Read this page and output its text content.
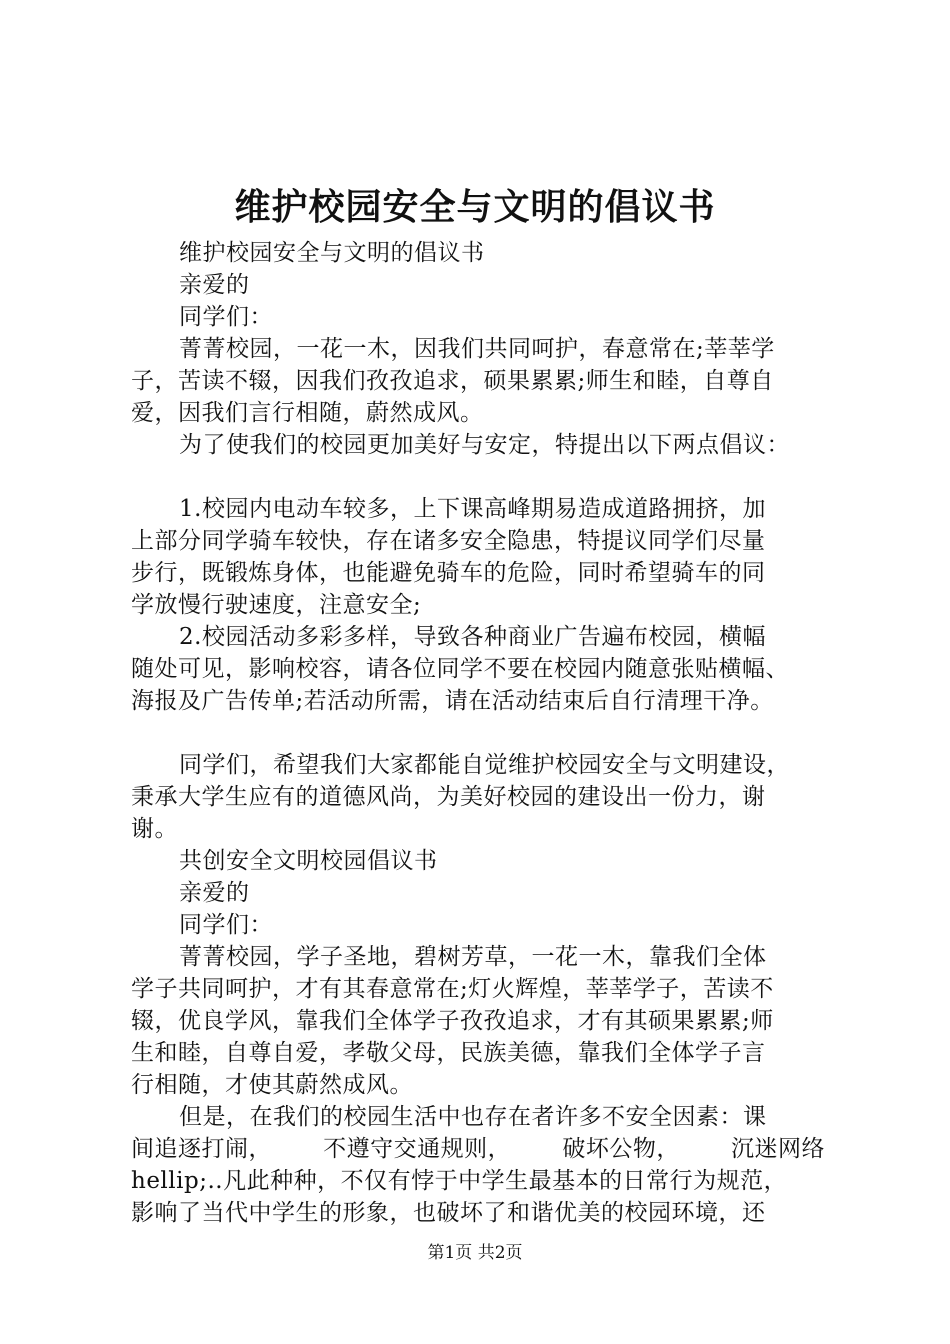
维护校园安全与文明的倡议书
维护校园安全与文明的倡议书
亲爱的
同学们：
菁菁校园，一花一木，因我们共同呵护，春意常在;莘莘学
子，苦读不辍，因我们孜孜追求，硕果累累;师生和睦，自尊自
爱，因我们言行相随，蔚然成风。
为了使我们的校园更加美好与安定，特提出以下两点倡议：
1.校园内电动车较多，上下课高峰期易造成道路拥挤，加
上部分同学骑车较快，存在诸多安全隐患，特提议同学们尽量
步行，既锻炼身体，也能避免骑车的危险，同时希望骑车的同
学放慢行驶速度，注意安全;
2.校园活动多彩多样，导致各种商业广告遍布校园，横幅
随处可见，影响校容，请各位同学不要在校园内随意张贴横幅、
海报及广告传单;若活动所需，请在活动结束后自行清理干净。
同学们，希望我们大家都能自觉维护校园安全与文明建设，
秉承大学生应有的道德风尚，为美好校园的建设出一份力，谢
谢。
共创安全文明校园倡议书
亲爱的
同学们：
菁菁校园，学子圣地，碧树芳草，一花一木，靠我们全体
学子共同呵护，才有其春意常在;灯火辉煌，莘莘学子，苦读不
辍，优良学风，靠我们全体学子孜孜追求，才有其硕果累累;师
生和睦，自尊自爱，孝敬父母，民族美德，靠我们全体学子言
行相随，才使其蔚然成风。
但是，在我们的校园生活中也存在者许多不安全因素：课
间追逐打闹， 不遵守交通规则， 破坏公物， 沉迷网络
hellip;..凡此种种，不仅有悖于中学生最基本的日常行为规范，
影响了当代中学生的形象，也破坏了和谐优美的校园环境，还
第1页 共2页
